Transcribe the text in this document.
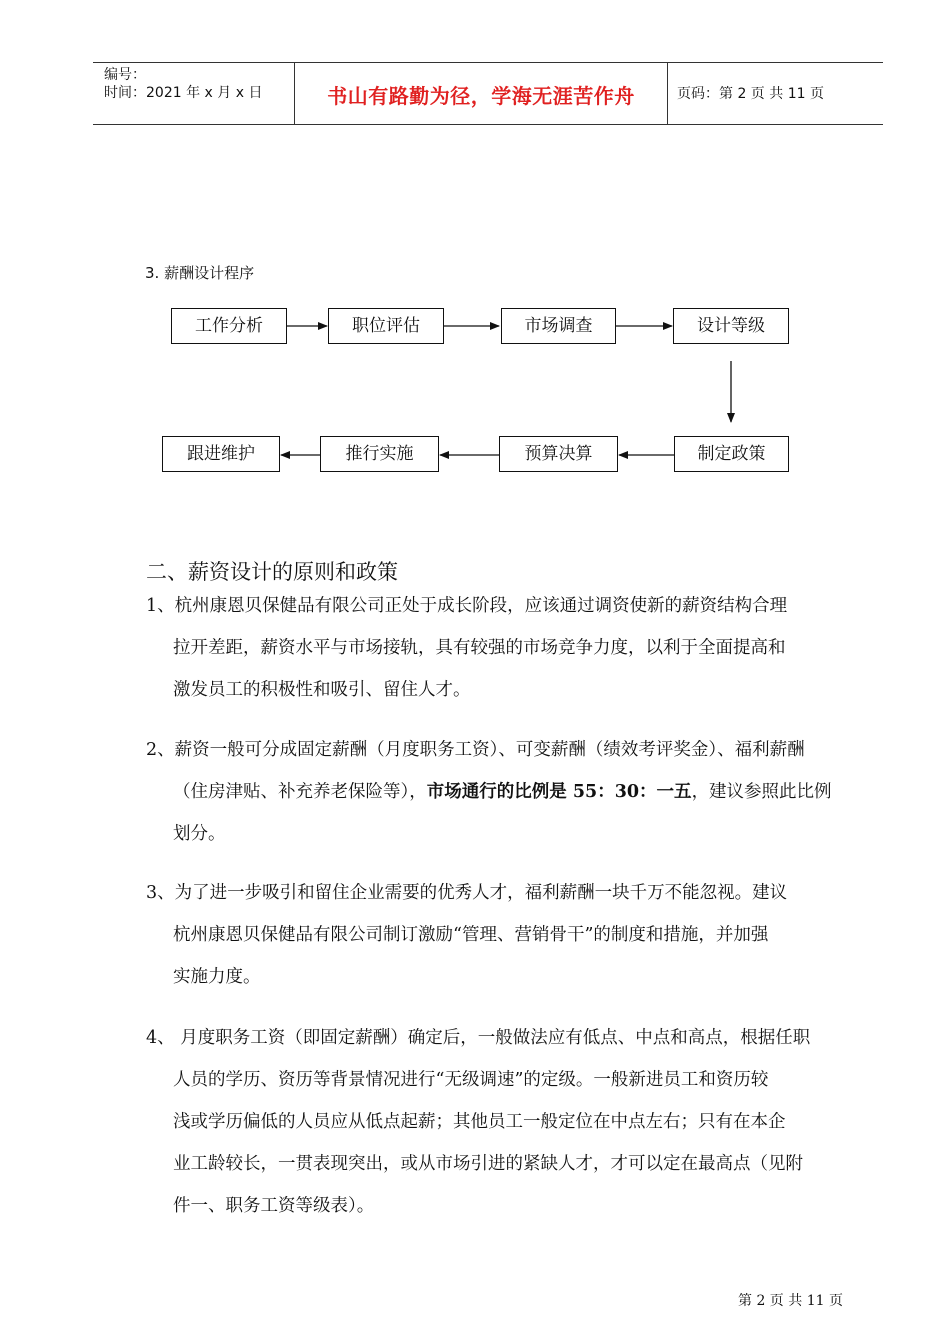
编号：
时间：2021 年 x 月 x 日	书山有路勤为径，学海无涯苦作舟	页码：第 2 页 共 11 页
3. 薪酬设计程序
工作分析	职位评估	市场调查	设计等级
跟进维护	推行实施	预算决算	制定政策
二、薪资设计的原则和政策
1、杭州康恩贝保健品有限公司正处于成长阶段，应该通过调资使新的薪资结构合理
拉开差距，薪资水平与市场接轨，具有较强的市场竞争力度，以利于全面提高和
激发员工的积极性和吸引、留住人才。
2、薪资一般可分成固定薪酬（月度职务工资）、可变薪酬（绩效考评奖金）、福利薪酬
（住房津贴、补充养老保险等），市场通行的比例是 55：30：一五，建议参照此比例
划分。
3、为了进一步吸引和留住企业需要的优秀人才，福利薪酬一块千万不能忽视。建议
杭州康恩贝保健品有限公司制订激励“管理、营销骨干”的制度和措施，并加强
实施力度。
4、 月度职务工资（即固定薪酬）确定后，一般做法应有低点、中点和高点，根据任职
人员的学历、资历等背景情况进行“无级调速”的定级。一般新进员工和资历较
浅或学历偏低的人员应从低点起薪；其他员工一般定位在中点左右；只有在本企
业工龄较长，一贯表现突出，或从市场引进的紧缺人才，才可以定在最高点（见附
件一、职务工资等级表）。
第 2 页 共 11 页
